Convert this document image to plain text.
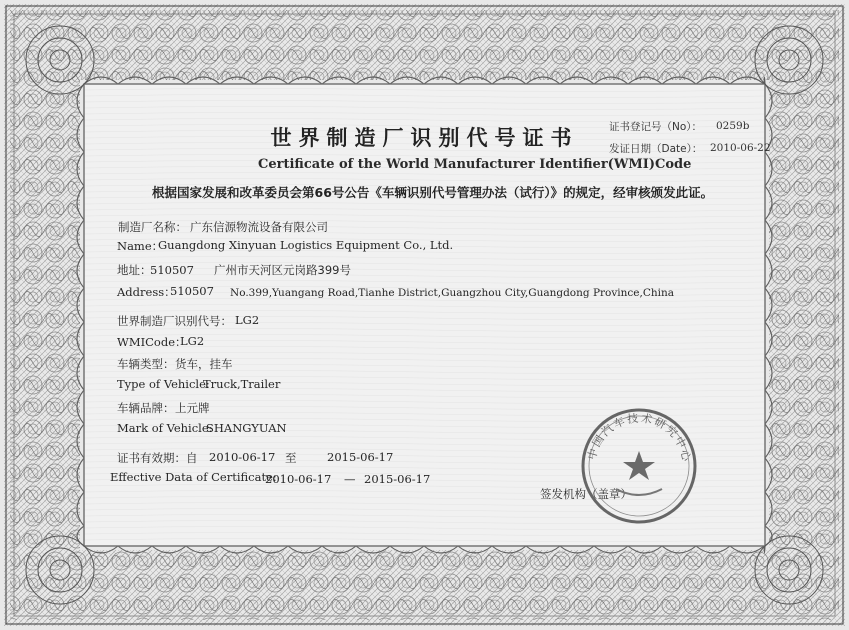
世界制造厂识别代号证书
Certificate of the World Manufacturer Identifier(WMI)Code
证书登记号（No）： 0259b
发证日期（Date）： 2010-06-22
根据国家发展和改革委员会第66号公告《车辆识别代号管理办法（试行）》的规定，经审核颁发此证。
制造厂名称： 广东信源物流设备有限公司
Name：
Guangdong Xinyuan Logistics Equipment Co., Ltd.
地址：
510507 广州市天河区元岗路399号
Address：
510507 No.399,Yuangang Road,Tianhe District,Guangzhou City,Guangdong Province,China
世界制造厂识别代号： LG2
WMICode：
LG2
车辆类型： 货车，挂车
Type of Vehicle:
Truck,Trailer
车辆品牌： 上元牌
Mark of Vehicle:
SHANGYUAN
证书有效期：自 2010-06-17 至	2015-06-17
Effective Data of Certificate:
2010-06-17 — 2015-06-17
签发机构（盖章）
中国汽车技术研究中心
